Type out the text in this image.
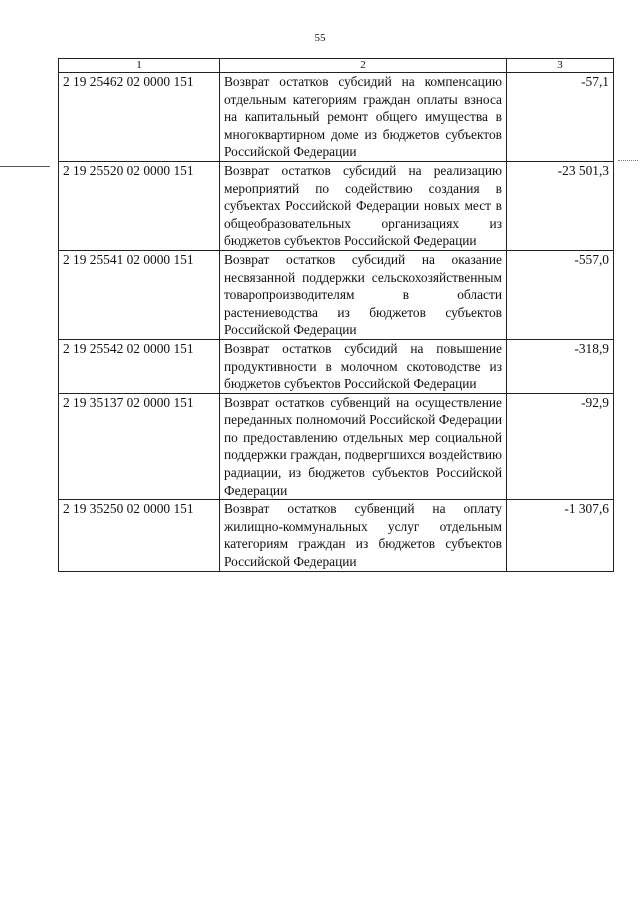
55
1	2	3
2 19 25462 02 0000 151	Возврат остатков субсидий на компенсацию отдельным категориям граждан оплаты взноса на капитальный ремонт общего имущества в многоквартирном доме из бюджетов субъектов Российской Федерации	-57,1
2 19 25520 02 0000 151	Возврат остатков субсидий на реализацию мероприятий по содействию создания в субъектах Российской Федерации новых мест в общеобразовательных организациях из бюджетов субъектов Российской Федерации	-23 501,3
2 19 25541 02 0000 151	Возврат остатков субсидий на оказание несвязанной поддержки сельскохозяйственным товаропроизводителям в области растениеводства из бюджетов субъектов Российской Федерации	-557,0
2 19 25542 02 0000 151	Возврат остатков субсидий на повышение продуктивности в молочном скотоводстве из бюджетов субъектов Российской Федерации	-318,9
2 19 35137 02 0000 151	Возврат остатков субвенций на осуществление переданных полномочий Российской Федерации по предоставлению отдельных мер социальной поддержки граждан, подвергшихся воздействию радиации, из бюджетов субъектов Российской Федерации	-92,9
2 19 35250 02 0000 151	Возврат остатков субвенций на оплату жилищно-коммунальных услуг отдельным категориям граждан из бюджетов субъектов Российской Федерации	-1 307,6
